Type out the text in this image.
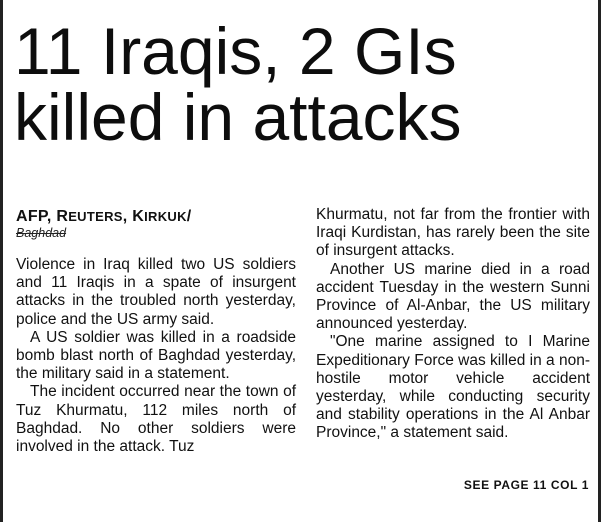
11 Iraqis, 2 GIs
killed in attacks

AFP, REUTERS, KIRKUK/

Baghdad

Violence in Iraq killed two US soldiers and 11 Iraqis in a spate of insurgent attacks in the troubled north yesterday, police and the US army said.

A US soldier was killed in a roadside bomb blast north of Baghdad yesterday, the military said in a statement.

The incident occurred near the town of Tuz Khurmatu, 112 miles north of Baghdad. No other soldiers were involved in the attack. Tuz

Khurmatu, not far from the frontier with Iraqi Kurdistan, has rarely been the site of insurgent attacks.

Another US marine died in a road accident Tuesday in the western Sunni Province of Al-Anbar, the US military announced yesterday.

"One marine assigned to I Marine Expeditionary Force was killed in a non-hostile motor vehicle accident yesterday, while conducting security and stability operations in the Al Anbar Province," a statement said.

SEE PAGE 11 COL 1
